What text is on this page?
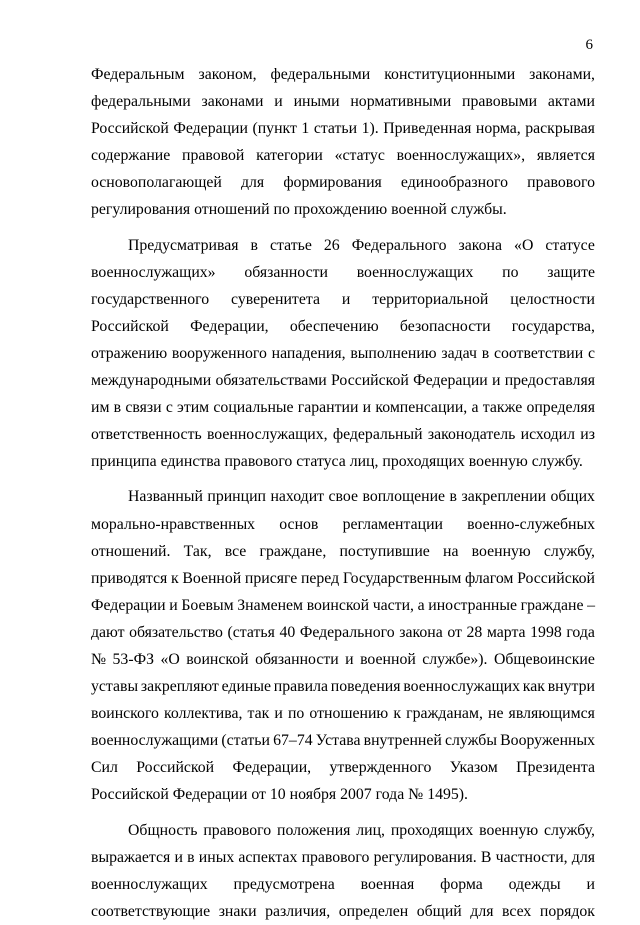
6
Федеральным законом, федеральными конституционными законами,
федеральными законами и иными нормативными правовыми актами
Российской Федерации (пункт 1 статьи 1). Приведенная норма, раскрывая
содержание правовой категории «статус военнослужащих», является
основополагающей для формирования единообразного правового
регулирования отношений по прохождению военной службы.
Предусматривая в статье 26 Федерального закона «О статусе
военнослужащих» обязанности военнослужащих по защите
государственного суверенитета и территориальной целостности
Российской Федерации, обеспечению безопасности государства,
отражению вооруженного нападения, выполнению задач в соответствии с
международными обязательствами Российской Федерации и предоставляя
им в связи с этим социальные гарантии и компенсации, а также определяя
ответственность военнослужащих, федеральный законодатель исходил из
принципа единства правового статуса лиц, проходящих военную службу.
Названный принцип находит свое воплощение в закреплении общих
морально-нравственных основ регламентации военно-служебных
отношений. Так, все граждане, поступившие на военную службу,
приводятся к Военной присяге перед Государственным флагом Российской
Федерации и Боевым Знаменем воинской части, а иностранные граждане –
дают обязательство (статья 40 Федерального закона от 28 марта 1998 года
№ 53-ФЗ «О воинской обязанности и военной службе»). Общевоинские
уставы закрепляют единые правила поведения военнослужащих как внутри
воинского коллектива, так и по отношению к гражданам, не являющимся
военнослужащими (статьи 67–74 Устава внутренней службы Вооруженных
Сил Российской Федерации, утвержденного Указом Президента
Российской Федерации от 10 ноября 2007 года № 1495).
Общность правового положения лиц, проходящих военную службу,
выражается и в иных аспектах правового регулирования. В частности, для
военнослужащих предусмотрена военная форма одежды и
соответствующие знаки различия, определен общий для всех порядок
